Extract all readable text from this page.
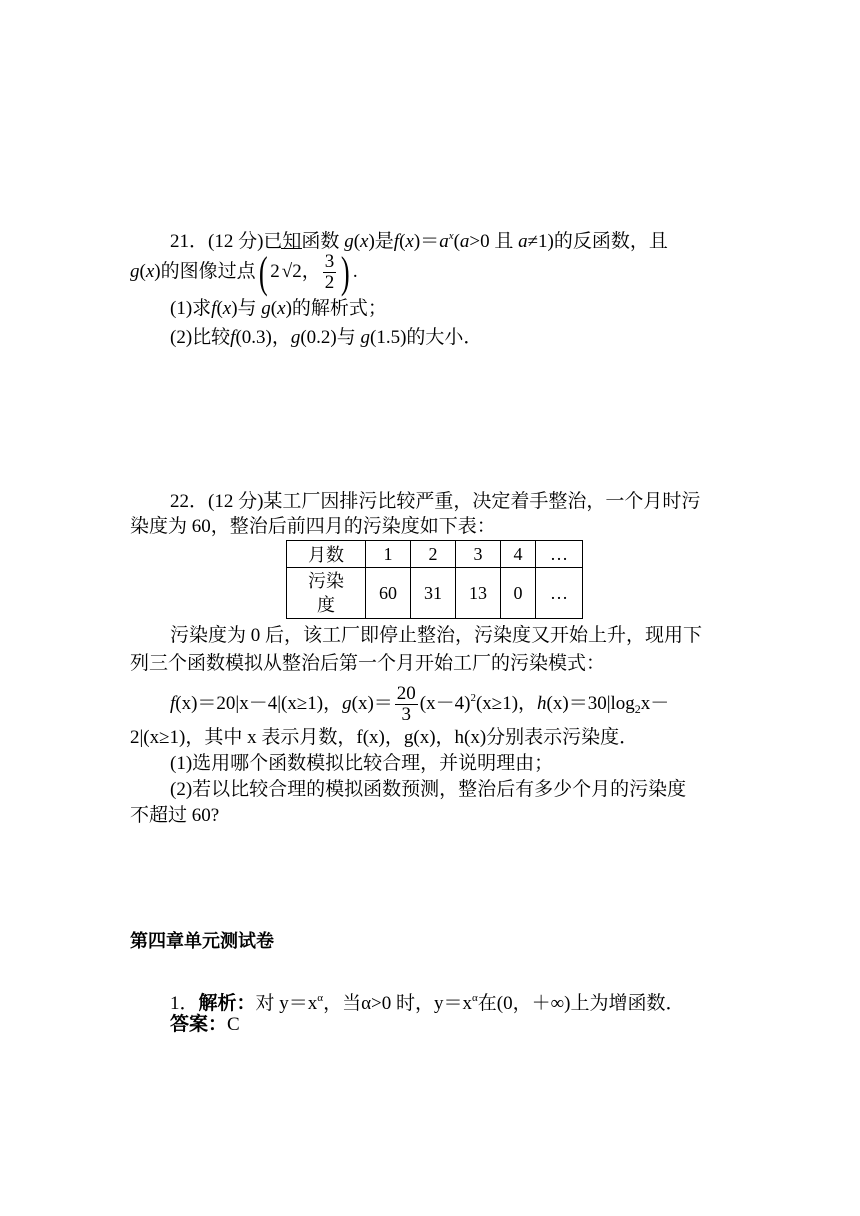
21．(12 分)已知函数 g(x)是$f(x)=a^x(a>0$ 且 a≠1)的反函数，且
g(x)的图像过点( 2 √2， $\frac{3}{2}$ ) .
(1)求f(x)与 g(x)的解析式；
(2)比较f(0.3)，g(0.2)与 g(1.5)的大小．
22．(12 分)某工厂因排污比较严重，决定着手整治，一个月时污
染度为 60，整治后前四月的污染度如下表：
月数	1	2	3	4	…
污染
度	60	31	13	0	…
污染度为 0 后，该工厂即停止整治，污染度又开始上升，现用下
列三个函数模拟从整治后第一个月开始工厂的污染模式：
f(x)＝20|x－4|(x≥1)，$g(x)= \frac{20}{3} (x-4)^2(x\ge 1)$，$h(x)=30|\log_2x-$
2|(x≥1)，其中 x 表示月数，f(x)，g(x)，h(x)分别表示污染度．
(1)选用哪个函数模拟比较合理，并说明理由；
(2)若以比较合理的模拟函数预测，整治后有多少个月的污染度
不超过 60?
第四章单元测试卷
1．解析：对 $y=x^\alpha$，当α>0 时，$y=x^\alpha$在(0，＋∞)上为增函数．
答案：C
